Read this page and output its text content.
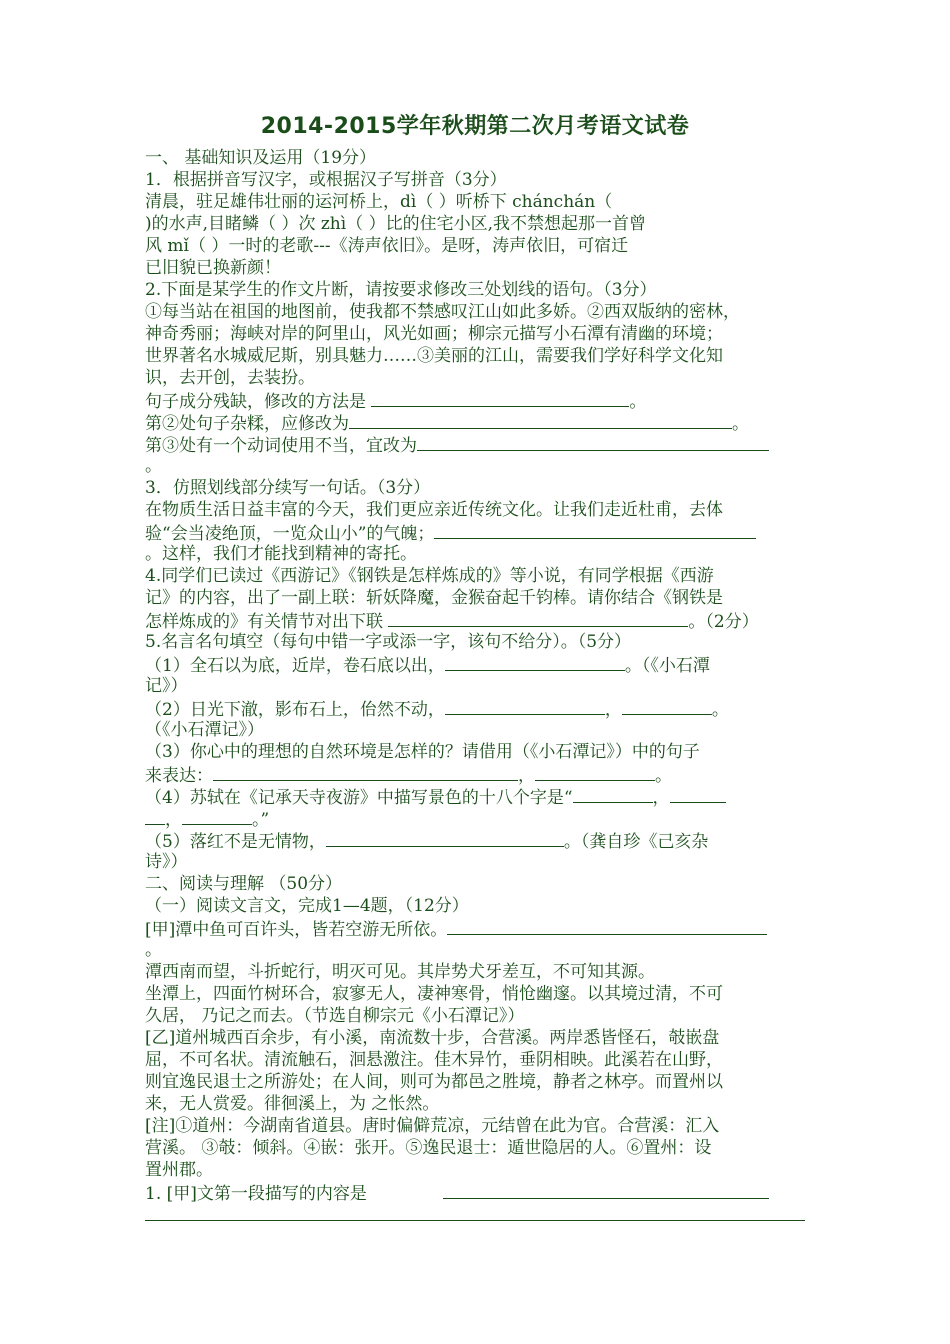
2014-2015学年秋期第二次月考语文试卷
一、 基础知识及运用（19分）
1．根据拼音写汉字，或根据汉子写拼音（3分）
清晨，驻足雄伟壮丽的运河桥上，dì（ ）听桥下 chánchán（
)的水声,目睹鳞（ ）次 zhì（ ）比的住宅小区,我不禁想起那一首曾
风 mǐ（ ）一时的老歌---《涛声依旧》。是呀，涛声依旧，可宿迁
已旧貌已换新颜！
2.下面是某学生的作文片断，请按要求修改三处划线的语句。（3分）
①每当站在祖国的地图前，使我都不禁感叹江山如此多娇。②西双版纳的密林，
神奇秀丽；海峡对岸的阿里山，风光如画；柳宗元描写小石潭有清幽的环境；
世界著名水城威尼斯，别具魅力……③美丽的江山，需要我们学好科学文化知
识，去开创，去装扮。
句子成分残缺，修改的方法是	。
第②处句子杂糅，应修改为	。
第③处有一个动词使用不当，宜改为
。
3．仿照划线部分续写一句话。（3分）
在物质生活日益丰富的今天，我们更应亲近传统文化。让我们走近杜甫，去体
验“会当凌绝顶，一览众山小”的气魄；
。这样，我们才能找到精神的寄托。
4.同学们已读过《西游记》《钢铁是怎样炼成的》等小说，有同学根据《西游
记》的内容，出了一副上联：斩妖降魔，金猴奋起千钧棒。请你结合《钢铁是
怎样炼成的》有关情节对出下联	。（2分）
5.名言名句填空（每句中错一字或添一字，该句不给分）。（5分）
（1）全石以为底，近岸，卷石底以出，	。（《小石潭
记》）
（2）日光下澈，影布石上，佁然不动，	，	。
（《小石潭记》）
（3）你心中的理想的自然环境是怎样的？请借用（《小石潭记》）中的句子
来表达：	，	。
（4）苏轼在《记承天寺夜游》中描写景色的十八个字是“	，
，	。”
（5）落红不是无情物，	。（龚自珍《己亥杂
诗》）
二、阅读与理解 （50分）
（一）阅读文言文，完成1—4题，（12分）
[甲]潭中鱼可百许头，皆若空游无所依。
。
潭西南而望，斗折蛇行，明灭可见。其岸势犬牙差互，不可知其源。
坐潭上，四面竹树环合，寂寥无人，凄神寒骨，悄怆幽邃。以其境过清，不可
久居， 乃记之而去。（节选自柳宗元《小石潭记》）
[乙]道州城西百余步，有小溪，南流数十步，合营溪。两岸悉皆怪石，攲嵌盘
屈，不可名状。清流触石，洄悬激注。佳木异竹，垂阴相映。此溪若在山野，
则宜逸民退士之所游处；在人间，则可为都邑之胜境，静者之林亭。而置州以
来，无人赏爱。徘徊溪上，为 之怅然。
[注]①道州：今湖南省道县。唐时偏僻荒凉，元结曾在此为官。合营溪：汇入
营溪。 ③攲：倾斜。④嵌：张开。⑤逸民退士：遁世隐居的人。⑥置州：设
置州郡。
1. [甲]文第一段描写的内容是
